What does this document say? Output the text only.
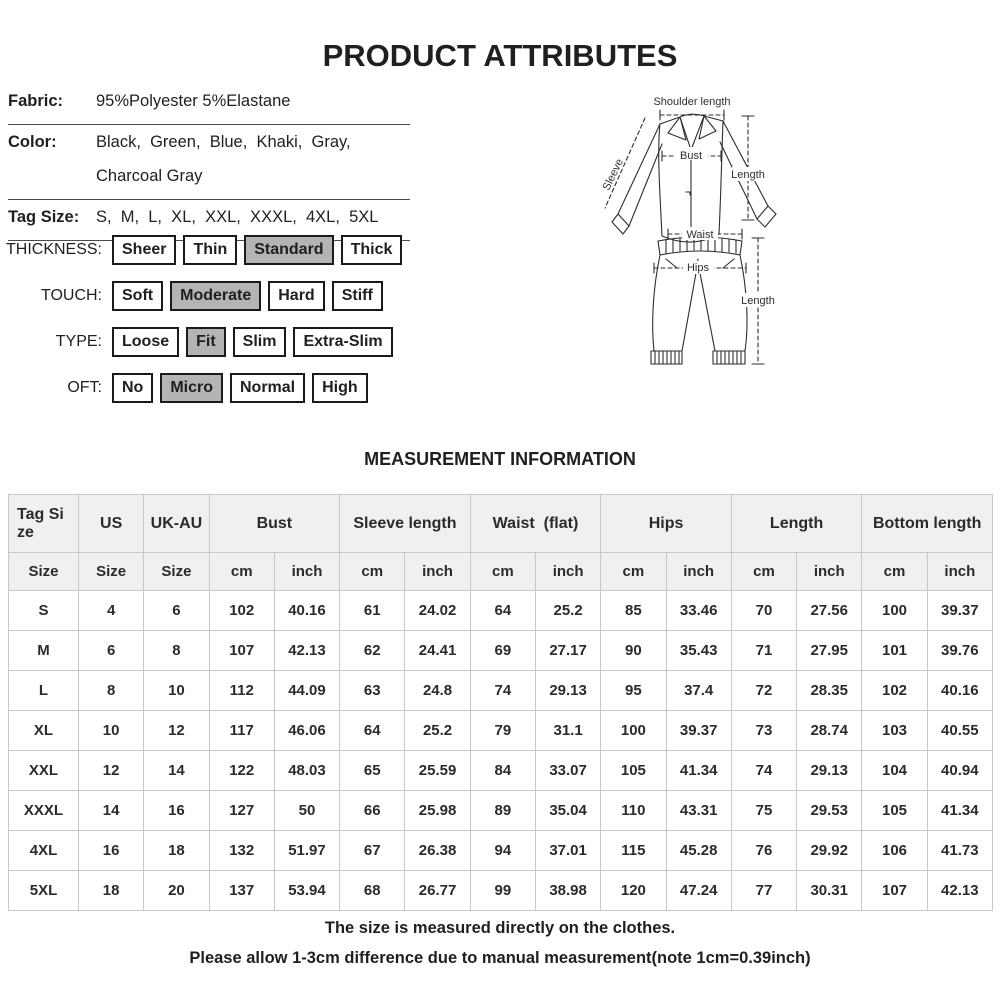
PRODUCT ATTRIBUTES
Fabric:	95%Polyester 5%Elastane
Color:	Black,  Green,  Blue,  Khaki,  Gray,
Charcoal Gray
Tag Size:	S,  M,  L,  XL,  XXL,  XXXL,  4XL,  5XL
THICKNESS:	Sheer	Thin	Standard	Thick
TOUCH:	Soft	Moderate	Hard	Stiff
TYPE:	Loose	Fit	Slim	Extra-Slim
OFT:	No	Micro	Normal	High
Shoulder length
Sleeve
Bust
Length
Waist
Hips
Length
MEASUREMENT INFORMATION
Tag Size	US	UK-AU	Bust		Sleeve length		Waist  (flat)		Hips		Length		Bottom length	
Size	Size	Size	cm	inch	cm	inch	cm	inch	cm	inch	cm	inch	cm	inch
S	4	6	102	40.16	61	24.02	64	25.2	85	33.46	70	27.56	100	39.37
M	6	8	107	42.13	62	24.41	69	27.17	90	35.43	71	27.95	101	39.76
L	8	10	112	44.09	63	24.8	74	29.13	95	37.4	72	28.35	102	40.16
XL	10	12	117	46.06	64	25.2	79	31.1	100	39.37	73	28.74	103	40.55
XXL	12	14	122	48.03	65	25.59	84	33.07	105	41.34	74	29.13	104	40.94
XXXL	14	16	127	50	66	25.98	89	35.04	110	43.31	75	29.53	105	41.34
4XL	16	18	132	51.97	67	26.38	94	37.01	115	45.28	76	29.92	106	41.73
5XL	18	20	137	53.94	68	26.77	99	38.98	120	47.24	77	30.31	107	42.13
The size is measured directly on the clothes.
Please allow 1-3cm difference due to manual measurement(note 1cm=0.39inch)
